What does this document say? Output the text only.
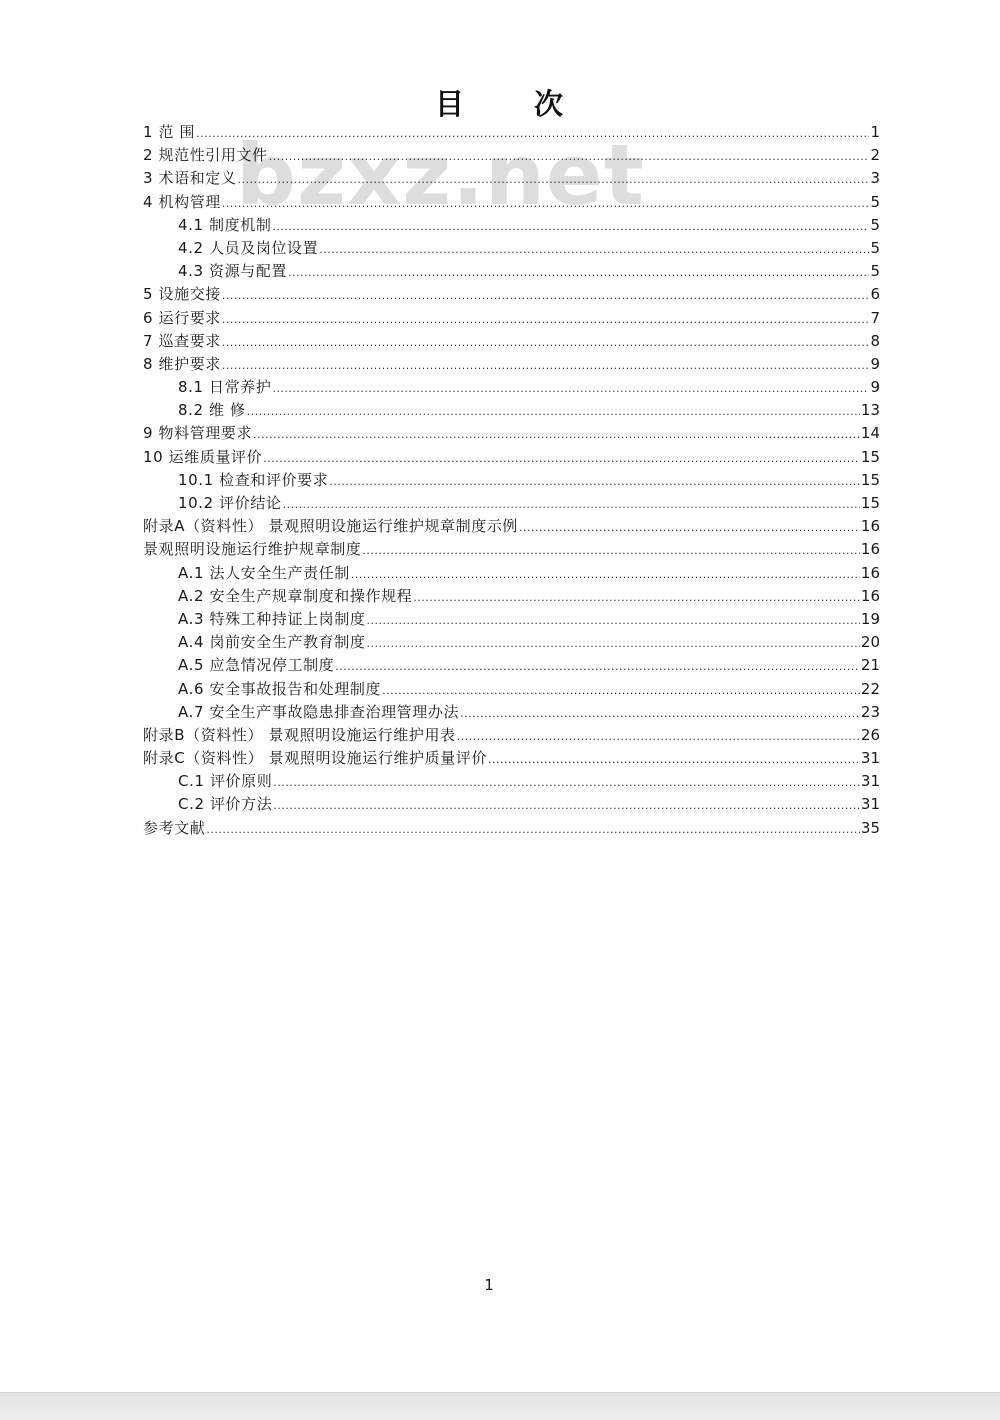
目 次
bzxz.net
1 范 围 .....	1
2 规范性引用文件 .....	2
3 术语和定义 .....	3
4 机构管理 .....	5
4.1 制度机制 .....	5
4.2 人员及岗位设置 .....	5
4.3 资源与配置 .....	5
5 设施交接 .....	6
6 运行要求 .....	7
7 巡查要求 .....	8
8 维护要求 .....	9
8.1 日常养护 .....	9
8.2 维 修 .....	13
9 物料管理要求 .....	14
10 运维质量评价 .....	15
10.1 检查和评价要求 .....	15
10.2 评价结论 .....	15
附录A（资料性） 景观照明设施运行维护规章制度示例 .....	16
景观照明设施运行维护规章制度 .....	16
A.1 法人安全生产责任制 .....	16
A.2 安全生产规章制度和操作规程 .....	16
A.3 特殊工种持证上岗制度 .....	19
A.4 岗前安全生产教育制度 .....	20
A.5 应急情况停工制度 .....	21
A.6 安全事故报告和处理制度 .....	22
A.7 安全生产事故隐患排查治理管理办法 .....	23
附录B（资料性） 景观照明设施运行维护用表 .....	26
附录C（资料性） 景观照明设施运行维护质量评价 .....	31
C.1 评价原则 .....	31
C.2 评价方法 .....	31
参考文献 .....	35
1
